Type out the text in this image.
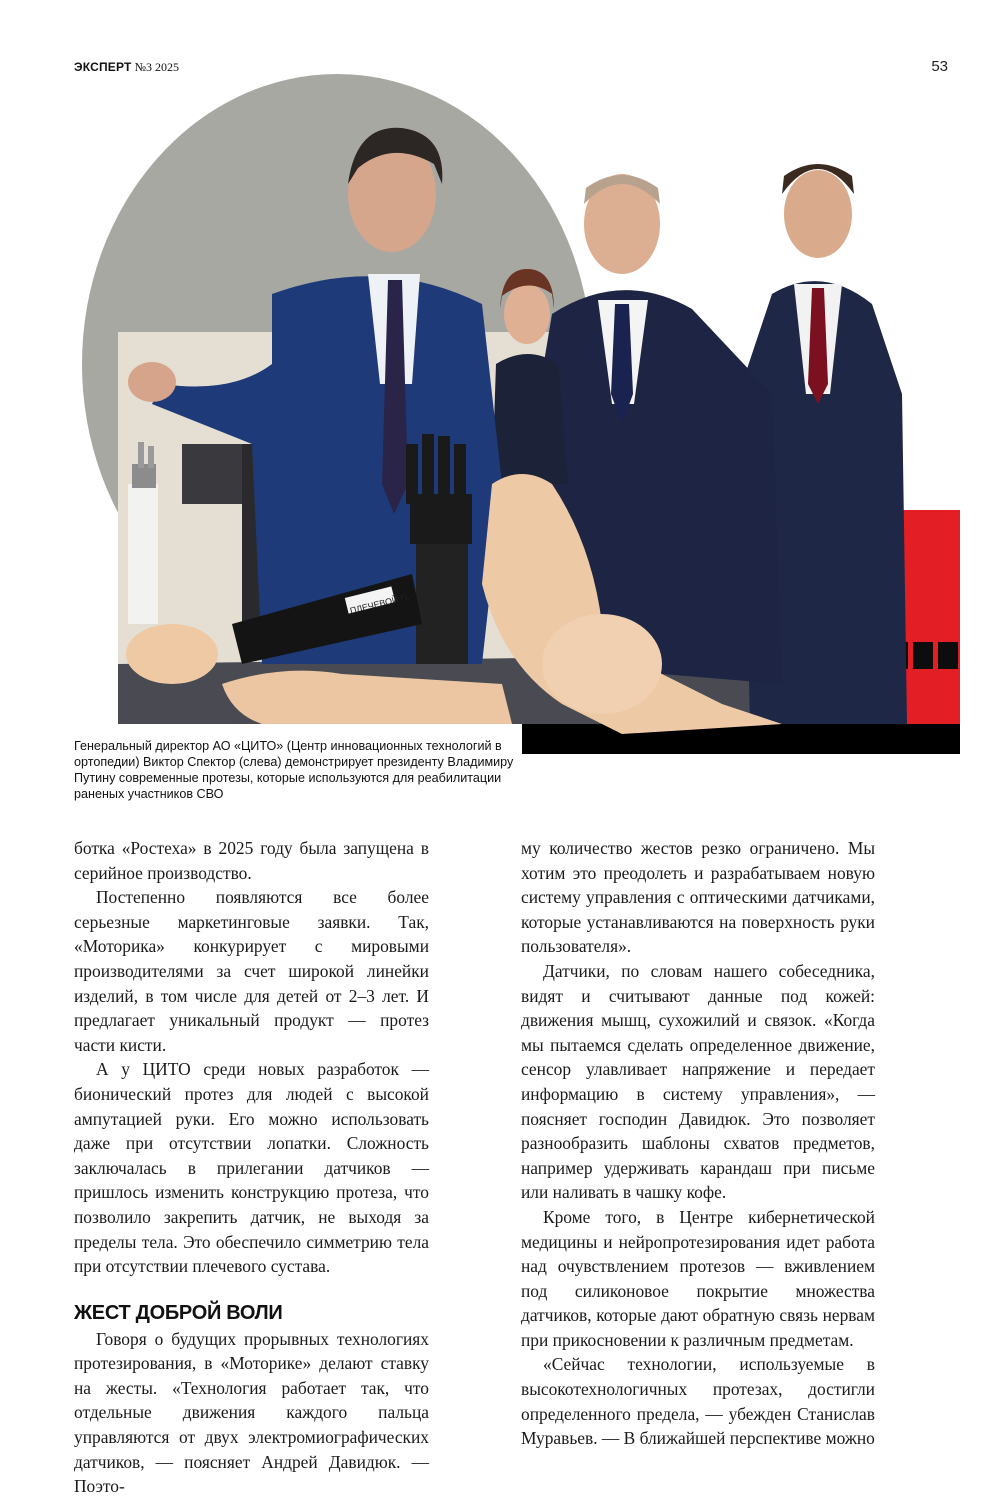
ЭКСПЕРТ №3 2025	53
ПЛЕЧЕВОЙ П.
Генеральный директор АО «ЦИТО» (Центр инновационных технологий в ортопедии) Виктор Спектор (слева) демонстрирует президенту Владимиру Путину современные протезы, которые используются для реабилитации раненых участников СВО

ботка «Ростеха» в 2025 году была запущена в серийное производство.

Постепенно появляются все более серьезные маркетинговые заявки. Так, «Моторика» конкурирует с мировыми производителями за счет широкой линейки изделий, в том числе для детей от 2–3 лет. И предлагает уникальный продукт — протез части кисти.

А у ЦИТО среди новых разработок — бионический протез для людей с высокой ампутацией руки. Его можно использовать даже при отсутствии лопатки. Сложность заключалась в прилегании датчиков — пришлось изменить конструкцию протеза, что позволило закрепить датчик, не выходя за пределы тела. Это обеспечило симметрию тела при отсутствии плечевого сустава.

ЖЕСТ ДОБРОЙ ВОЛИ

Говоря о будущих прорывных технологиях протезирования, в «Моторике» делают ставку на жесты. «Технология работает так, что отдельные движения каждого пальца управляются от двух электромиографических датчиков, — поясняет Андрей Давидюк. — Поэто-

му количество жестов резко ограничено. Мы хотим это преодолеть и разрабатываем новую систему управления с оптическими датчиками, которые устанавливаются на поверхность руки пользователя».

Датчики, по словам нашего собеседника, видят и считывают данные под кожей: движения мышц, сухожилий и связок. «Когда мы пытаемся сделать определенное движение, сенсор улавливает напряжение и передает информацию в систему управления», — поясняет господин Давидюк. Это позволяет разнообразить шаблоны схватов предметов, например удерживать карандаш при письме или наливать в чашку кофе.

Кроме того, в Центре кибернетической медицины и нейропротезирования идет работа над очувствлением протезов — вживлением под силиконовое покрытие множества датчиков, которые дают обратную связь нервам при прикосновении к различным предметам.

«Сейчас технологии, используемые в высокотехнологичных протезах, достигли определенного предела, — убежден Станислав Муравьев. — В ближайшей перспективе можно
